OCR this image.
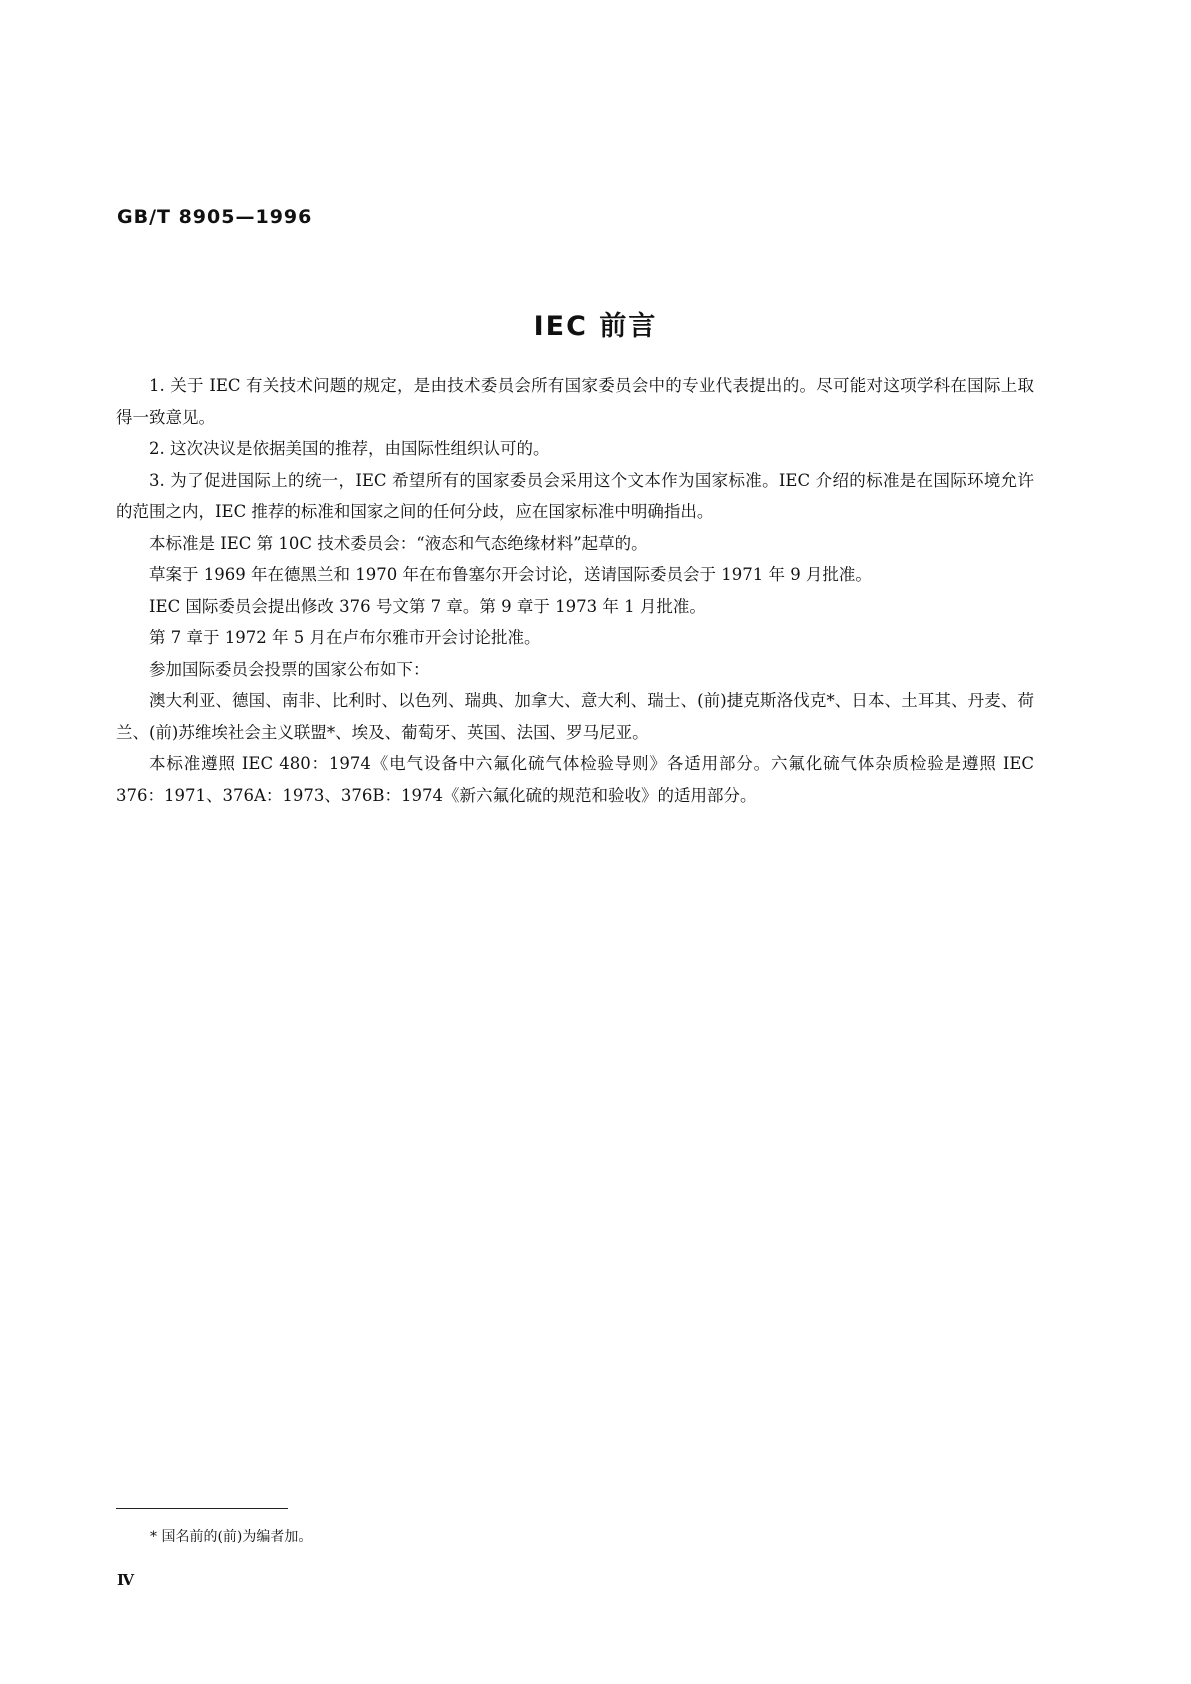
GB/T 8905—1996
IEC 前言

1. 关于 IEC 有关技术问题的规定，是由技术委员会所有国家委员会中的专业代表提出的。尽可能对这项学科在国际上取得一致意见。

2. 这次决议是依据美国的推荐，由国际性组织认可的。

3. 为了促进国际上的统一，IEC 希望所有的国家委员会采用这个文本作为国家标准。IEC 介绍的标准是在国际环境允许的范围之内，IEC 推荐的标准和国家之间的任何分歧，应在国家标准中明确指出。

本标准是 IEC 第 10C 技术委员会：“液态和气态绝缘材料”起草的。

草案于 1969 年在德黑兰和 1970 年在布鲁塞尔开会讨论，送请国际委员会于 1971 年 9 月批准。

IEC 国际委员会提出修改 376 号文第 7 章。第 9 章于 1973 年 1 月批准。

第 7 章于 1972 年 5 月在卢布尔雅市开会讨论批准。

参加国际委员会投票的国家公布如下：

澳大利亚、德国、南非、比利时、以色列、瑞典、加拿大、意大利、瑞士、(前)捷克斯洛伐克*、日本、土耳其、丹麦、荷兰、(前)苏维埃社会主义联盟*、埃及、葡萄牙、英国、法国、罗马尼亚。

本标准遵照 IEC 480：1974《电气设备中六氟化硫气体检验导则》各适用部分。六氟化硫气体杂质检验是遵照 IEC 376：1971、376A：1973、376B：1974《新六氟化硫的规范和验收》的适用部分。

* 国名前的(前)为编者加。
Ⅳ
